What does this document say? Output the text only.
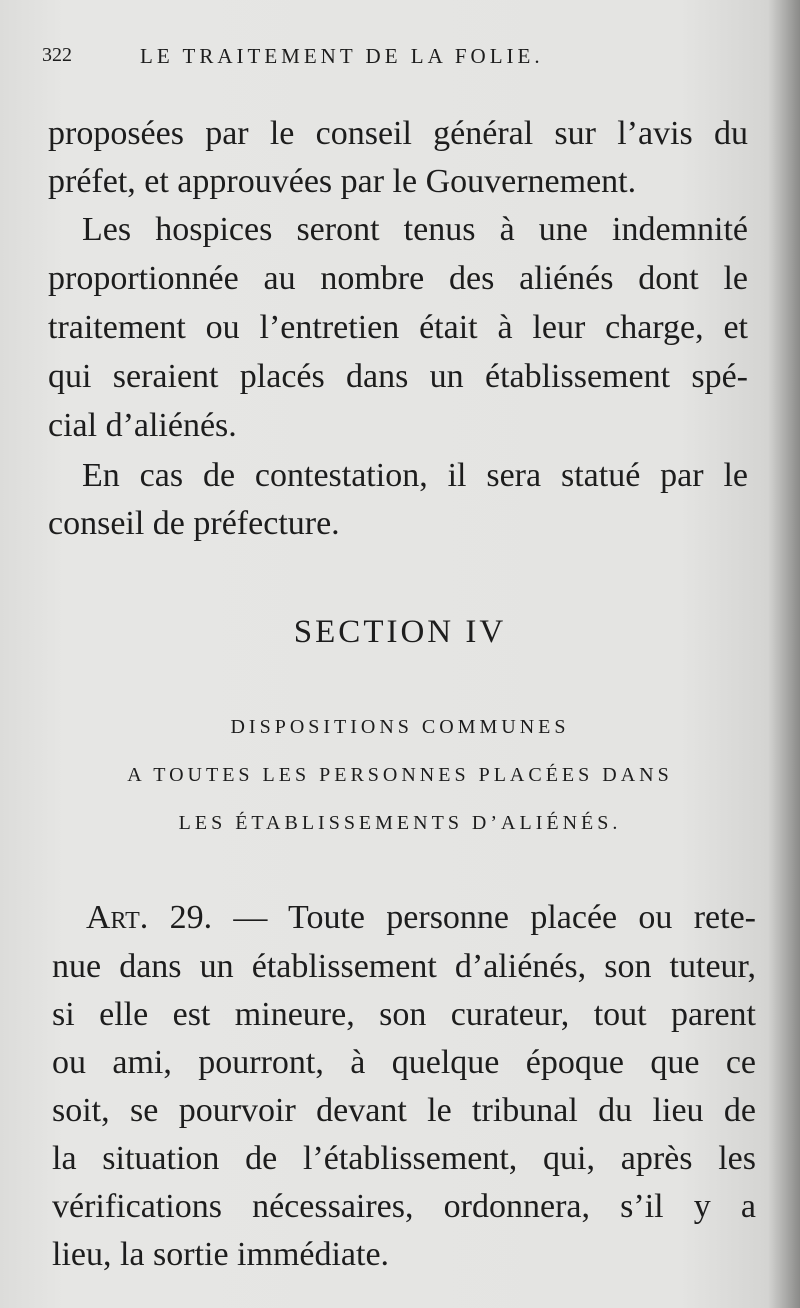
322	LE TRAITEMENT DE LA FOLIE.
proposées par le conseil général sur l’avis du
préfet, et approuvées par le Gouvernement.
Les hospices seront tenus à une indemnité
proportionnée au nombre des aliénés dont le
traitement ou l’entretien était à leur charge, et
qui seraient placés dans un établissement spé-
cial d’aliénés.
En cas de contestation, il sera statué par le
conseil de préfecture.
SECTION IV
DISPOSITIONS COMMUNES
A TOUTES LES PERSONNES PLACÉES DANS
LES ÉTABLISSEMENTS D’ALIÉNÉS.
Art. 29. — Toute personne placée ou rete-
nue dans un établissement d’aliénés, son tuteur,
si elle est mineure, son curateur, tout parent
ou ami, pourront, à quelque époque que ce
soit, se pourvoir devant le tribunal du lieu de
la situation de l’établissement, qui, après les
vérifications nécessaires, ordonnera, s’il y a
lieu, la sortie immédiate.
